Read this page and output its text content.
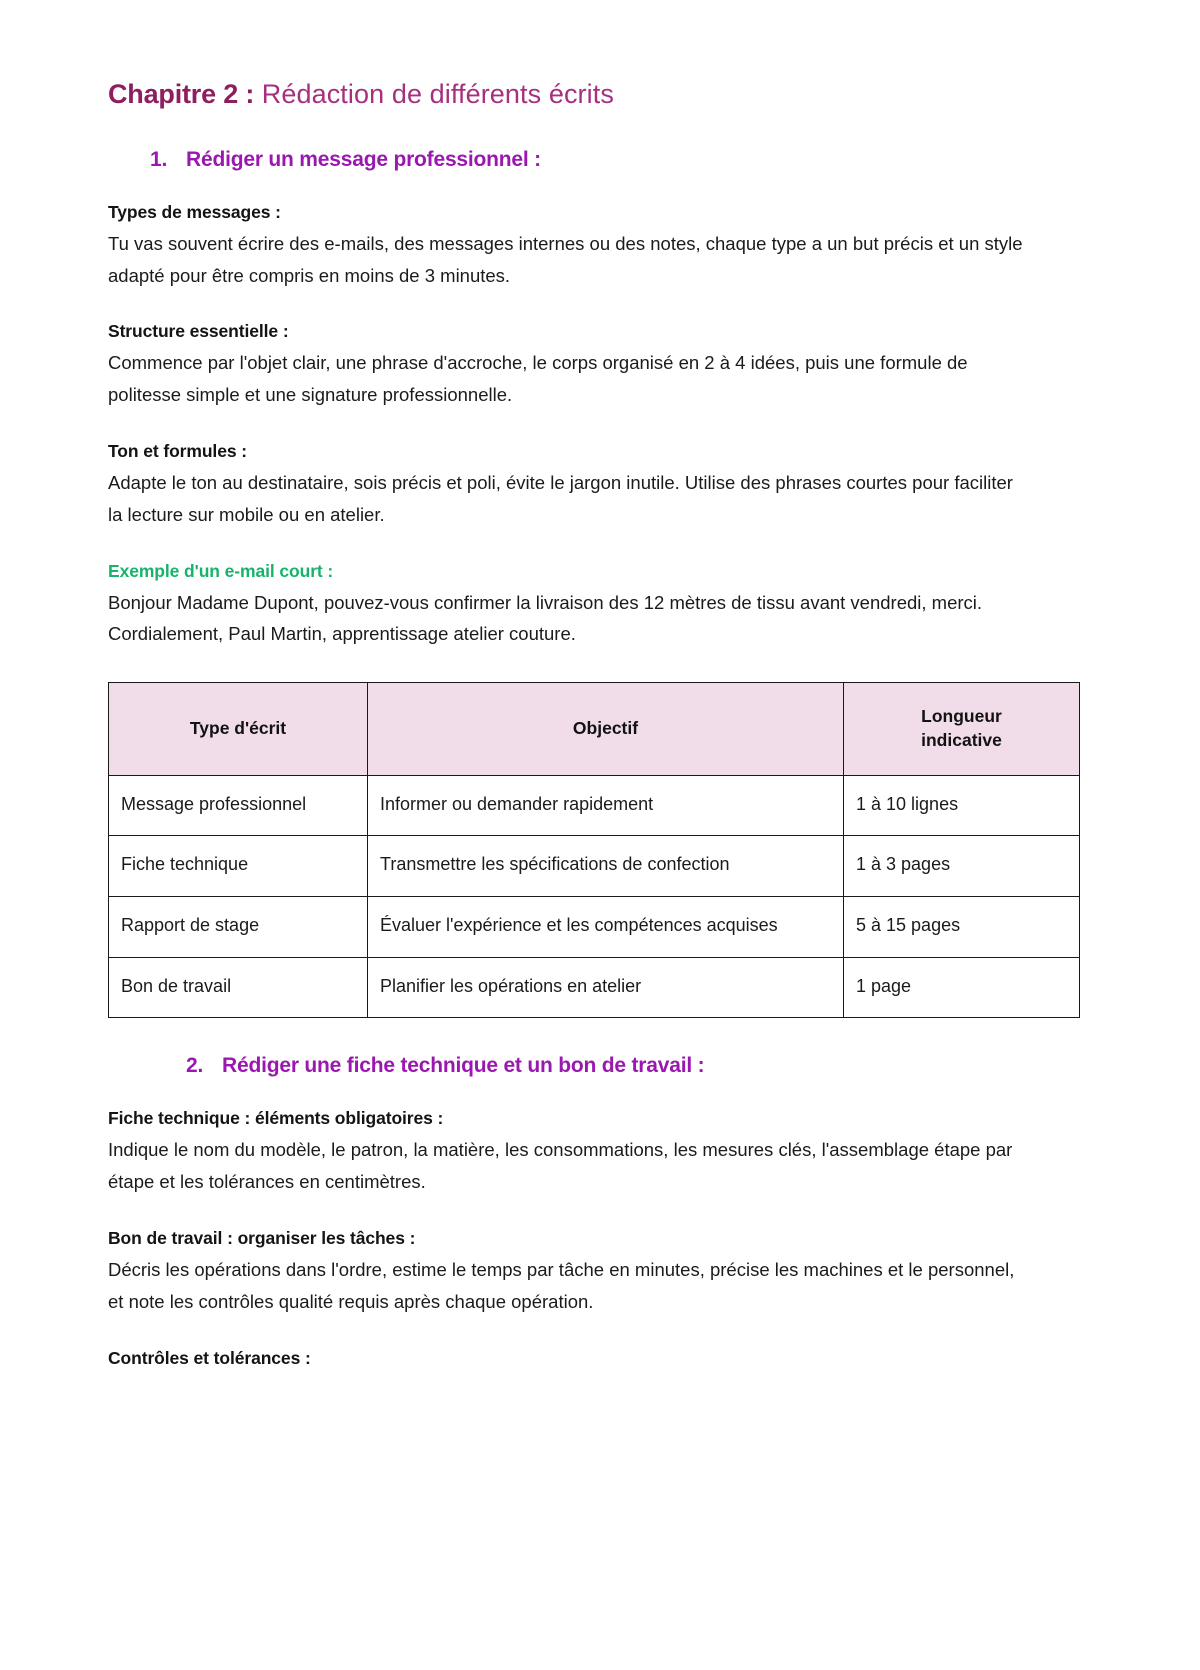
Chapitre 2 : Rédaction de différents écrits
1. Rédiger un message professionnel :
Types de messages :

Tu vas souvent écrire des e-mails, des messages internes ou des notes, chaque type a un but précis et un style adapté pour être compris en moins de 3 minutes.

Structure essentielle :

Commence par l'objet clair, une phrase d'accroche, le corps organisé en 2 à 4 idées, puis une formule de politesse simple et une signature professionnelle.

Ton et formules :

Adapte le ton au destinataire, sois précis et poli, évite le jargon inutile. Utilise des phrases courtes pour faciliter la lecture sur mobile ou en atelier.

Exemple d'un e-mail court :

Bonjour Madame Dupont, pouvez-vous confirmer la livraison des 12 mètres de tissu avant vendredi, merci. Cordialement, Paul Martin, apprentissage atelier couture.

Type d'écrit	Objectif	Longueur
indicative
Message professionnel	Informer ou demander rapidement	1 à 10 lignes
Fiche technique	Transmettre les spécifications de confection	1 à 3 pages
Rapport de stage	Évaluer l'expérience et les compétences acquises	5 à 15 pages
Bon de travail	Planifier les opérations en atelier	1 page
2. Rédiger une fiche technique et un bon de travail :
Fiche technique : éléments obligatoires :

Indique le nom du modèle, le patron, la matière, les consommations, les mesures clés, l'assemblage étape par étape et les tolérances en centimètres.

Bon de travail : organiser les tâches :

Décris les opérations dans l'ordre, estime le temps par tâche en minutes, précise les machines et le personnel, et note les contrôles qualité requis après chaque opération.

Contrôles et tolérances :
